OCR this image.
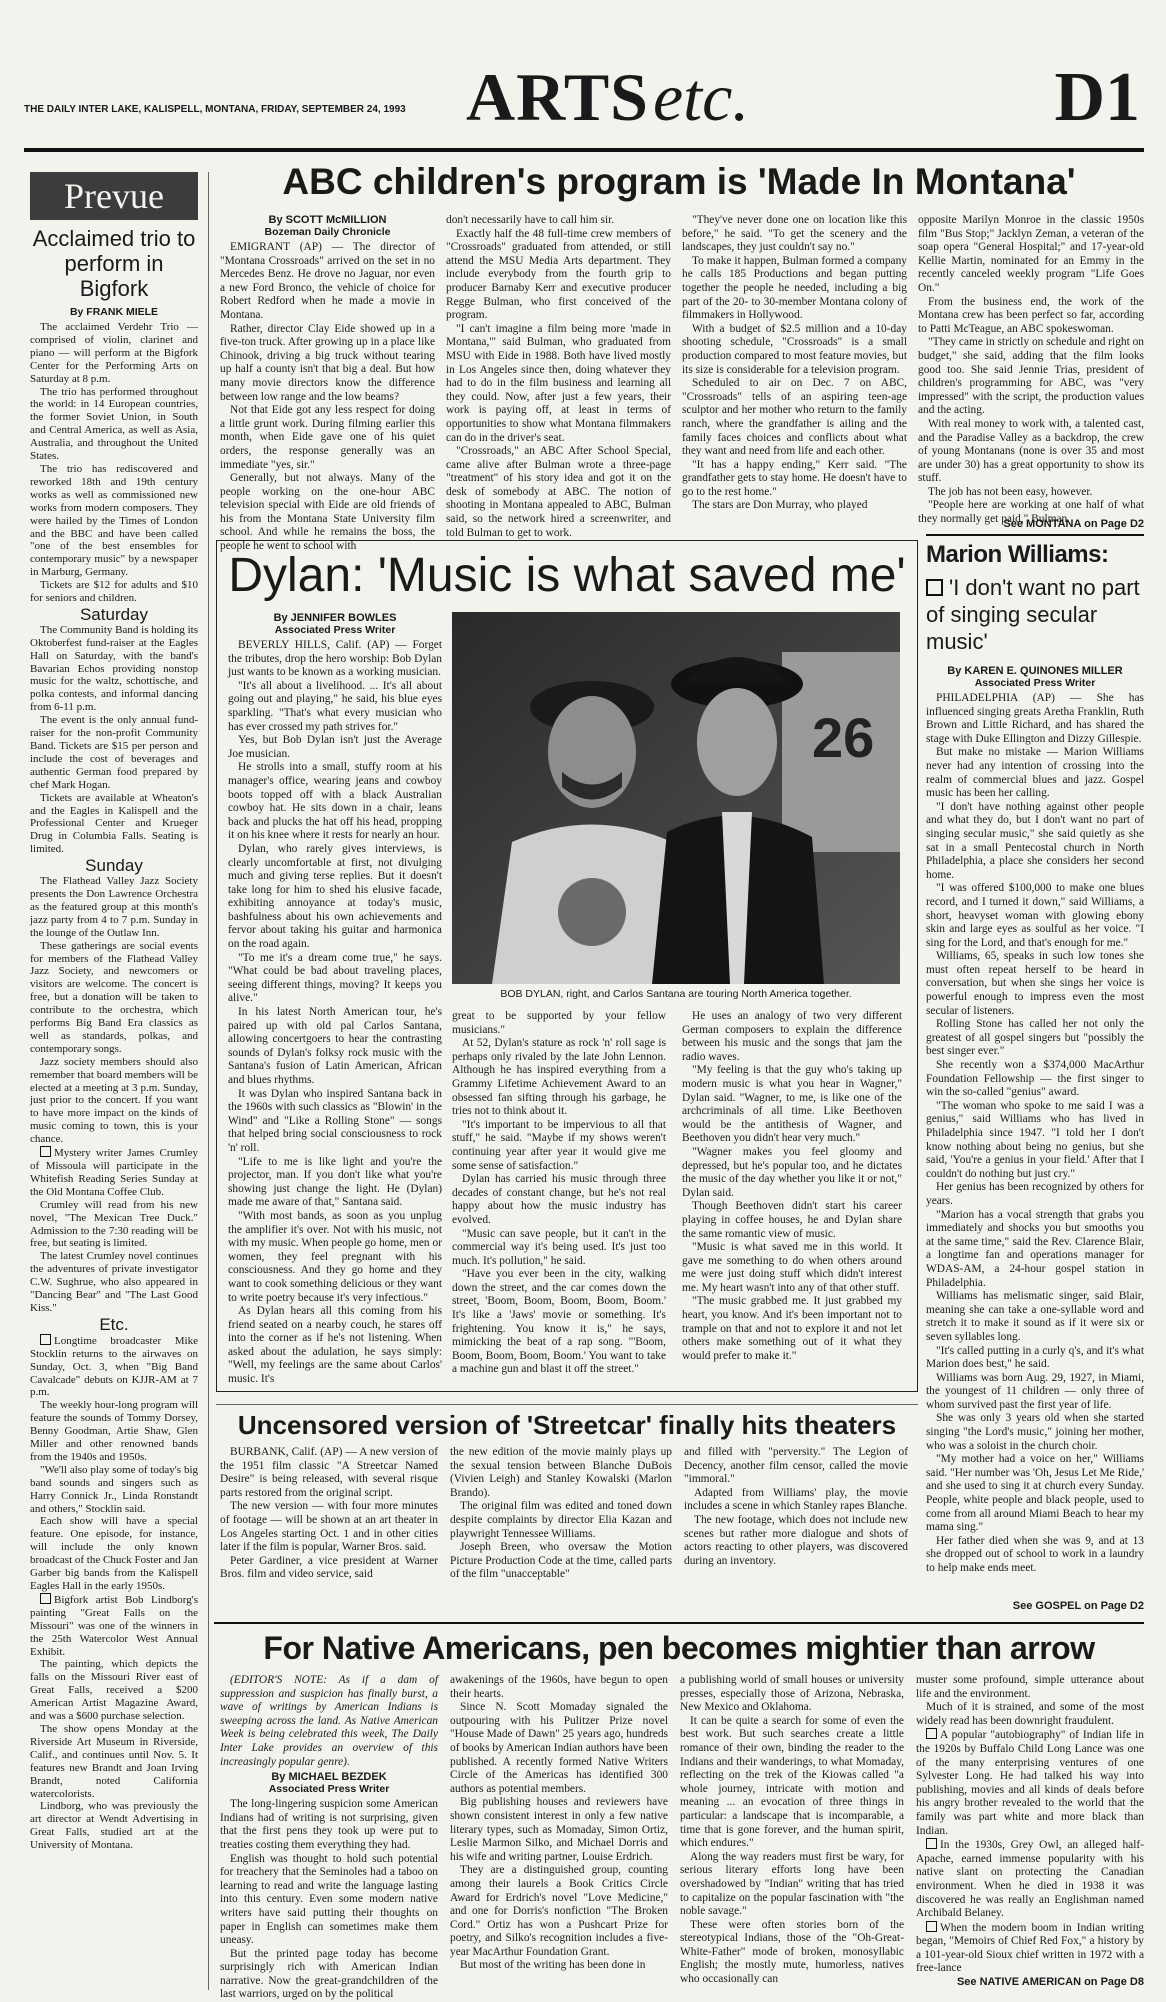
THE DAILY INTER LAKE, KALISPELL, MONTANA, FRIDAY, SEPTEMBER 24, 1993 ARTS etc.	D1
Prevue
Acclaimed trio to perform in Bigfork
By FRANK MIELE

The acclaimed Verdehr Trio — comprised of violin, clarinet and piano — will perform at the Bigfork Center for the Performing Arts on Saturday at 8 p.m.

The trio has performed throughout the world: in 14 European countries, the former Soviet Union, in South and Central America, as well as Asia, Australia, and throughout the United States.

The trio has rediscovered and reworked 18th and 19th century works as well as commissioned new works from modern composers. They were hailed by the Times of London and the BBC and have been called "one of the best ensembles for contemporary music" by a newspaper in Marburg, Germany.

Tickets are $12 for adults and $10 for seniors and children.

Saturday

The Community Band is holding its Oktoberfest fund-raiser at the Eagles Hall on Saturday, with the band's Bavarian Echos providing nonstop music for the waltz, schottische, and polka contests, and informal dancing from 6-11 p.m.

The event is the only annual fund-raiser for the non-profit Community Band. Tickets are $15 per person and include the cost of beverages and authentic German food prepared by chef Mark Hogan.

Tickets are available at Wheaton's and the Eagles in Kalispell and the Professional Center and Krueger Drug in Columbia Falls. Seating is limited.

Sunday

The Flathead Valley Jazz Society presents the Don Lawrence Orchestra as the featured group at this month's jazz party from 4 to 7 p.m. Sunday in the lounge of the Outlaw Inn.

These gatherings are social events for members of the Flathead Valley Jazz Society, and newcomers or visitors are welcome. The concert is free, but a donation will be taken to contribute to the orchestra, which performs Big Band Era classics as well as standards, polkas, and contemporary songs.

Jazz society members should also remember that board members will be elected at a meeting at 3 p.m. Sunday, just prior to the concert. If you want to have more impact on the kinds of music coming to town, this is your chance.

Mystery writer James Crumley of Missoula will participate in the Whitefish Reading Series Sunday at the Old Montana Coffee Club.

Crumley will read from his new novel, "The Mexican Tree Duck." Admission to the 7:30 reading will be free, but seating is limited.

The latest Crumley novel continues the adventures of private investigator C.W. Sughrue, who also appeared in "Dancing Bear" and "The Last Good Kiss."

Etc.

Longtime broadcaster Mike Stocklin returns to the airwaves on Sunday, Oct. 3, when "Big Band Cavalcade" debuts on KJJR-AM at 7 p.m.

The weekly hour-long program will feature the sounds of Tommy Dorsey, Benny Goodman, Artie Shaw, Glen Miller and other renowned bands from the 1940s and 1950s.

"We'll also play some of today's big band sounds and singers such as Harry Connick Jr., Linda Ronstandt and others," Stocklin said.

Each show will have a special feature. One episode, for instance, will include the only known broadcast of the Chuck Foster and Jan Garber big bands from the Kalispell Eagles Hall in the early 1950s.

Bigfork artist Bob Lindborg's painting "Great Falls on the Missouri" was one of the winners in the 25th Watercolor West Annual Exhibit.

The painting, which depicts the falls on the Missouri River east of Great Falls, received a $200 American Artist Magazine Award, and was a $600 purchase selection.

The show opens Monday at the Riverside Art Museum in Riverside, Calif., and continues until Nov. 5. It features new Brandt and Joan Irving Brandt, noted California watercolorists.

Lindborg, who was previously the art director at Wendt Advertising in Great Falls, studied art at the University of Montana.

ABC children's program is 'Made In Montana'
By SCOTT McMILLION
Bozeman Daily Chronicle

EMIGRANT (AP) — The director of "Montana Crossroads" arrived on the set in no Mercedes Benz. He drove no Jaguar, nor even a new Ford Bronco, the vehicle of choice for Robert Redford when he made a movie in Montana.

Rather, director Clay Eide showed up in a five-ton truck. After growing up in a place like Chinook, driving a big truck without tearing up half a county isn't that big a deal. But how many movie directors know the difference between low range and the low beams?

Not that Eide got any less respect for doing a little grunt work. During filming earlier this month, when Eide gave one of his quiet orders, the response generally was an immediate "yes, sir."

Generally, but not always. Many of the people working on the one-hour ABC television special with Eide are old friends of his from the Montana State University film school. And while he remains the boss, the people he went to school with

don't necessarily have to call him sir.

Exactly half the 48 full-time crew members of "Crossroads" graduated from attended, or still attend the MSU Media Arts department. They include everybody from the fourth grip to producer Barnaby Kerr and executive producer Regge Bulman, who first conceived of the program.

"I can't imagine a film being more 'made in Montana,'" said Bulman, who graduated from MSU with Eide in 1988. Both have lived mostly in Los Angeles since then, doing whatever they had to do in the film business and learning all they could. Now, after just a few years, their work is paying off, at least in terms of opportunities to show what Montana filmmakers can do in the driver's seat.

"Crossroads," an ABC After School Special, came alive after Bulman wrote a three-page "treatment" of his story idea and got it on the desk of somebody at ABC. The notion of shooting in Montana appealed to ABC, Bulman said, so the network hired a screenwriter, and told Bulman to get to work.

"They've never done one on location like this before," he said. "To get the scenery and the landscapes, they just couldn't say no."

To make it happen, Bulman formed a company he calls 185 Productions and began putting together the people he needed, including a big part of the 20- to 30-member Montana colony of filmmakers in Hollywood.

With a budget of $2.5 million and a 10-day shooting schedule, "Crossroads" is a small production compared to most feature movies, but its size is considerable for a television program.

Scheduled to air on Dec. 7 on ABC, "Crossroads" tells of an aspiring teen-age sculptor and her mother who return to the family ranch, where the grandfather is ailing and the family faces choices and conflicts about what they want and need from life and each other.

"It has a happy ending," Kerr said. "The grandfather gets to stay home. He doesn't have to go to the rest home."

The stars are Don Murray, who played

opposite Marilyn Monroe in the classic 1950s film "Bus Stop;" Jacklyn Zeman, a veteran of the soap opera "General Hospital;" and 17-year-old Kellie Martin, nominated for an Emmy in the recently canceled weekly program "Life Goes On."

From the business end, the work of the Montana crew has been perfect so far, according to Patti McTeague, an ABC spokeswoman.

"They came in strictly on schedule and right on budget," she said, adding that the film looks good too. She said Jennie Trias, president of children's programming for ABC, was "very impressed" with the script, the production values and the acting.

With real money to work with, a talented cast, and the Paradise Valley as a backdrop, the crew of young Montanans (none is over 35 and most are under 30) has a great opportunity to show its stuff.

The job has not been easy, however.

"People here are working at one half of what they normally get paid," Bulman

See MONTANA on Page D2
Dylan: 'Music is what saved me'
By JENNIFER BOWLES
Associated Press Writer

BEVERLY HILLS, Calif. (AP) — Forget the tributes, drop the hero worship: Bob Dylan just wants to be known as a working musician.

"It's all about a livelihood. ... It's all about going out and playing," he said, his blue eyes sparkling. "That's what every musician who has ever crossed my path strives for."

Yes, but Bob Dylan isn't just the Average Joe musician.

He strolls into a small, stuffy room at his manager's office, wearing jeans and cowboy boots topped off with a black Australian cowboy hat. He sits down in a chair, leans back and plucks the hat off his head, propping it on his knee where it rests for nearly an hour.

Dylan, who rarely gives interviews, is clearly uncomfortable at first, not divulging much and giving terse replies. But it doesn't take long for him to shed his elusive facade, exhibiting annoyance at today's music, bashfulness about his own achievements and fervor about taking his guitar and harmonica on the road again.

"To me it's a dream come true," he says. "What could be bad about traveling places, seeing different things, moving? It keeps you alive."

In his latest North American tour, he's paired up with old pal Carlos Santana, allowing concertgoers to hear the contrasting sounds of Dylan's folksy rock music with the Santana's fusion of Latin American, African and blues rhythms.

It was Dylan who inspired Santana back in the 1960s with such classics as "Blowin' in the Wind" and "Like a Rolling Stone" — songs that helped bring social consciousness to rock 'n' roll.

"Life to me is like light and you're the projector, man. If you don't like what you're showing just change the light. He (Dylan) made me aware of that," Santana said.

"With most bands, as soon as you unplug the amplifier it's over. Not with his music, not with my music. When people go home, men or women, they feel pregnant with his consciousness. And they go home and they want to cook something delicious or they want to write poetry because it's very infectious."

As Dylan hears all this coming from his friend seated on a nearby couch, he stares off into the corner as if he's not listening. When asked about the adulation, he says simply: "Well, my feelings are the same about Carlos' music. It's

26
BOB DYLAN, right, and Carlos Santana are touring North America together.

great to be supported by your fellow musicians."

At 52, Dylan's stature as rock 'n' roll sage is perhaps only rivaled by the late John Lennon. Although he has inspired everything from a Grammy Lifetime Achievement Award to an obsessed fan sifting through his garbage, he tries not to think about it.

"It's important to be impervious to all that stuff," he said. "Maybe if my shows weren't continuing year after year it would give me some sense of satisfaction."

Dylan has carried his music through three decades of constant change, but he's not real happy about how the music industry has evolved.

"Music can save people, but it can't in the commercial way it's being used. It's just too much. It's pollution," he said.

"Have you ever been in the city, walking down the street, and the car comes down the street, 'Boom, Boom, Boom, Boom, Boom.' It's like a 'Jaws' movie or something. It's frightening. You know it is," he says, mimicking the beat of a rap song. "'Boom, Boom, Boom, Boom, Boom.' You want to take a machine gun and blast it off the street."

He uses an analogy of two very different German composers to explain the difference between his music and the songs that jam the radio waves.

"My feeling is that the guy who's taking up modern music is what you hear in Wagner," Dylan said. "Wagner, to me, is like one of the archcriminals of all time. Like Beethoven would be the antithesis of Wagner, and Beethoven you didn't hear very much."

"Wagner makes you feel gloomy and depressed, but he's popular too, and he dictates the music of the day whether you like it or not," Dylan said.

Though Beethoven didn't start his career playing in coffee houses, he and Dylan share the same romantic view of music.

"Music is what saved me in this world. It gave me something to do when others around me were just doing stuff which didn't interest me. My heart wasn't into any of that other stuff.

"The music grabbed me. It just grabbed my heart, you know. And it's been important not to trample on that and not to explore it and not let others make something out of it what they would prefer to make it."

Marion Williams:
'I don't want no part of singing secular music'
By KAREN E. QUINONES MILLER
Associated Press Writer

PHILADELPHIA (AP) — She has influenced singing greats Aretha Franklin, Ruth Brown and Little Richard, and has shared the stage with Duke Ellington and Dizzy Gillespie.

But make no mistake — Marion Williams never had any intention of crossing into the realm of commercial blues and jazz. Gospel music has been her calling.

"I don't have nothing against other people and what they do, but I don't want no part of singing secular music," she said quietly as she sat in a small Pentecostal church in North Philadelphia, a place she considers her second home.

"I was offered $100,000 to make one blues record, and I turned it down," said Williams, a short, heavyset woman with glowing ebony skin and large eyes as soulful as her voice. "I sing for the Lord, and that's enough for me."

Williams, 65, speaks in such low tones she must often repeat herself to be heard in conversation, but when she sings her voice is powerful enough to impress even the most secular of listeners.

Rolling Stone has called her not only the greatest of all gospel singers but "possibly the best singer ever."

She recently won a $374,000 MacArthur Foundation Fellowship — the first singer to win the so-called "genius" award.

"The woman who spoke to me said I was a genius," said Williams who has lived in Philadelphia since 1947. "I told her I don't know nothing about being no genius, but she said, 'You're a genius in your field.' After that I couldn't do nothing but just cry."

Her genius has been recognized by others for years.

"Marion has a vocal strength that grabs you immediately and shocks you but smooths you at the same time," said the Rev. Clarence Blair, a longtime fan and operations manager for WDAS-AM, a 24-hour gospel station in Philadelphia.

Williams has melismatic singer, said Blair, meaning she can take a one-syllable word and stretch it to make it sound as if it were six or seven syllables long.

"It's called putting in a curly q's, and it's what Marion does best," he said.

Williams was born Aug. 29, 1927, in Miami, the youngest of 11 children — only three of whom survived past the first year of life.

She was only 3 years old when she started singing "the Lord's music," joining her mother, who was a soloist in the church choir.

"My mother had a voice on her," Williams said. "Her number was 'Oh, Jesus Let Me Ride,' and she used to sing it at church every Sunday. People, white people and black people, used to come from all around Miami Beach to hear my mama sing."

Her father died when she was 9, and at 13 she dropped out of school to work in a laundry to help make ends meet.

See GOSPEL on Page D2
Uncensored version of 'Streetcar' finally hits theaters

BURBANK, Calif. (AP) — A new version of the 1951 film classic "A Streetcar Named Desire" is being released, with several risque parts restored from the original script.

The new version — with four more minutes of footage — will be shown at an art theater in Los Angeles starting Oct. 1 and in other cities later if the film is popular, Warner Bros. said.

Peter Gardiner, a vice president at Warner Bros. film and video service, said

the new edition of the movie mainly plays up the sexual tension between Blanche DuBois (Vivien Leigh) and Stanley Kowalski (Marlon Brando).

The original film was edited and toned down despite complaints by director Elia Kazan and playwright Tennessee Williams.

Joseph Breen, who oversaw the Motion Picture Production Code at the time, called parts of the film "unacceptable"

and filled with "perversity." The Legion of Decency, another film censor, called the movie "immoral."

Adapted from Williams' play, the movie includes a scene in which Stanley rapes Blanche.

The new footage, which does not include new scenes but rather more dialogue and shots of actors reacting to other players, was discovered during an inventory.

For Native Americans, pen becomes mightier than arrow

(EDITOR'S NOTE: As if a dam of suppression and suspicion has finally burst, a wave of writings by American Indians is sweeping across the land. As Native American Week is being celebrated this week, The Daily Inter Lake provides an overview of this increasingly popular genre).

By MICHAEL BEZDEK
Associated Press Writer

The long-lingering suspicion some American Indians had of writing is not surprising, given that the first pens they took up were put to treaties costing them everything they had.

English was thought to hold such potential for treachery that the Seminoles had a taboo on learning to read and write the language lasting into this century. Even some modern native writers have said putting their thoughts on paper in English can sometimes make them uneasy.

But the printed page today has become surprisingly rich with American Indian narrative. Now the great-grandchildren of the last warriors, urged on by the political

awakenings of the 1960s, have begun to open their hearts.

Since N. Scott Momaday signaled the outpouring with his Pulitzer Prize novel "House Made of Dawn" 25 years ago, hundreds of books by American Indian authors have been published. A recently formed Native Writers Circle of the Americas has identified 300 authors as potential members.

Big publishing houses and reviewers have shown consistent interest in only a few native literary types, such as Momaday, Simon Ortiz, Leslie Marmon Silko, and Michael Dorris and his wife and writing partner, Louise Erdrich.

They are a distinguished group, counting among their laurels a Book Critics Circle Award for Erdrich's novel "Love Medicine," and one for Dorris's nonfiction "The Broken Cord." Ortiz has won a Pushcart Prize for poetry, and Silko's recognition includes a five-year MacArthur Foundation Grant.

But most of the writing has been done in

a publishing world of small houses or university presses, especially those of Arizona, Nebraska, New Mexico and Oklahoma.

It can be quite a search for some of even the best work. But such searches create a little romance of their own, binding the reader to the Indians and their wanderings, to what Momaday, reflecting on the trek of the Kiowas called "a whole journey, intricate with motion and meaning ... an evocation of three things in particular: a landscape that is incomparable, a time that is gone forever, and the human spirit, which endures."

Along the way readers must first be wary, for serious literary efforts long have been overshadowed by "Indian" writing that has tried to capitalize on the popular fascination with "the noble savage."

These were often stories born of the stereotypical Indians, those of the "Oh-Great-White-Father" mode of broken, monosyllabic English; the mostly mute, humorless, natives who occasionally can

muster some profound, simple utterance about life and the environment.

Much of it is strained, and some of the most widely read has been downright fraudulent.

A popular "autobiography" of Indian life in the 1920s by Buffalo Child Long Lance was one of the many enterprising ventures of one Sylvester Long. He had talked his way into publishing, movies and all kinds of deals before his angry brother revealed to the world that the family was part white and more black than Indian.

In the 1930s, Grey Owl, an alleged half-Apache, earned immense popularity with his native slant on protecting the Canadian environment. When he died in 1938 it was discovered he was really an Englishman named Archibald Belaney.

When the modern boom in Indian writing began, "Memoirs of Chief Red Fox," a history by a 101-year-old Sioux chief written in 1972 with a free-lance

See NATIVE AMERICAN on Page D8
